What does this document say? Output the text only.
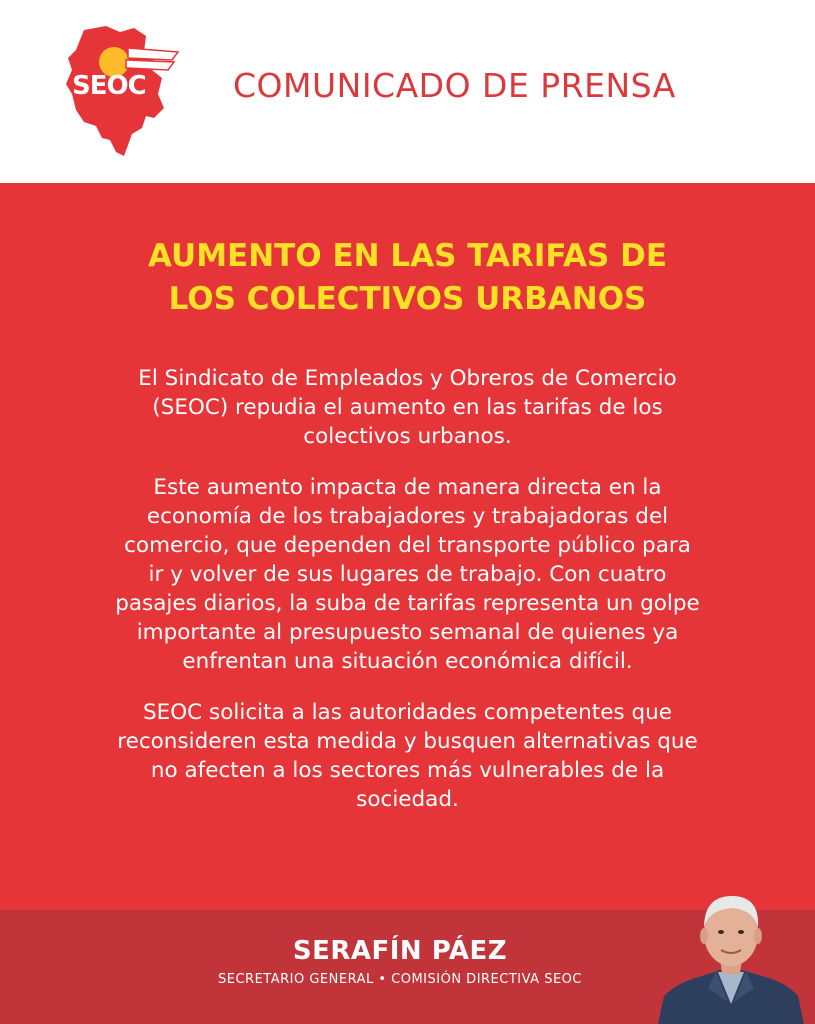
SEOC	COMUNICADO DE PRENSA
AUMENTO EN LAS TARIFAS DE
LOS COLECTIVOS URBANOS

El Sindicato de Empleados y Obreros de Comercio
(SEOC) repudia el aumento en las tarifas de los
colectivos urbanos.

Este aumento impacta de manera directa en la
economía de los trabajadores y trabajadoras del
comercio, que dependen del transporte público para
ir y volver de sus lugares de trabajo. Con cuatro
pasajes diarios, la suba de tarifas representa un golpe
importante al presupuesto semanal de quienes ya
enfrentan una situación económica difícil.

SEOC solicita a las autoridades competentes que
reconsideren esta medida y busquen alternativas que
no afecten a los sectores más vulnerables de la
sociedad.

SERAFÍN PÁEZ
SECRETARIO GENERAL • COMISIÓN DIRECTIVA SEOC
